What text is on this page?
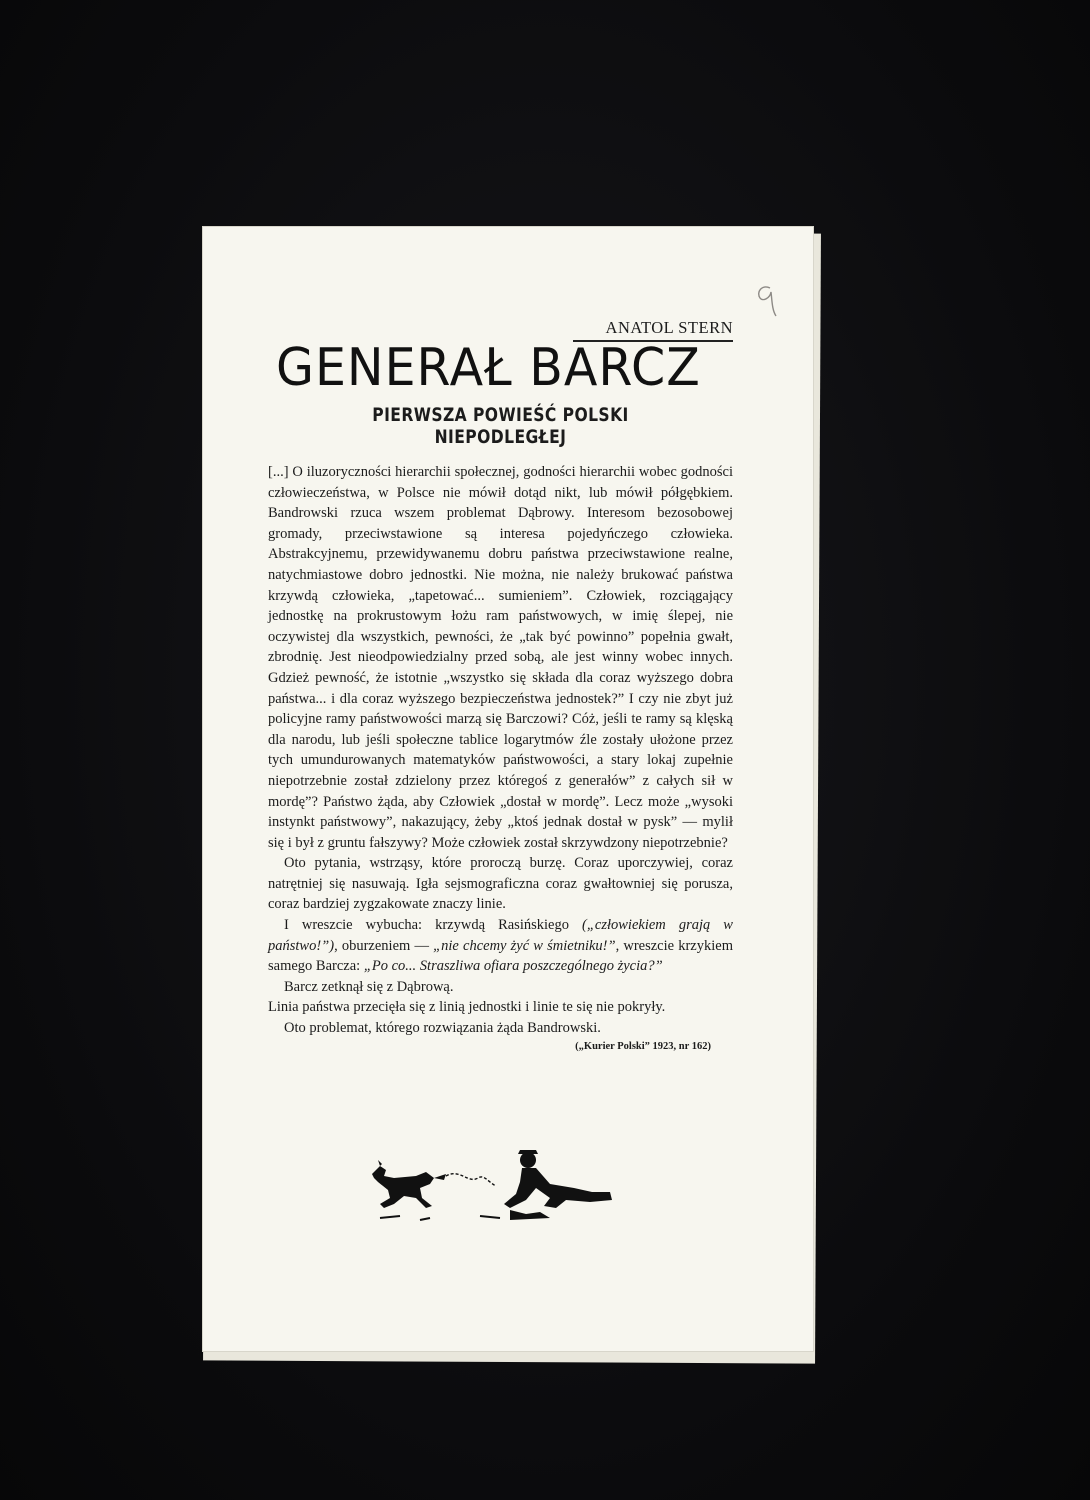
ANATOL STERN
GENERAŁ BARCZ
PIERWSZA POWIEŚĆ POLSKI NIEPODLEGŁEJ

[...] O iluzoryczności hierarchii społecznej, godności hierarchii wobec godności człowieczeństwa, w Polsce nie mówił dotąd nikt, lub mówił półgębkiem. Bandrowski rzuca wszem problemat Dąbrowy. Interesom bezosobowej gromady, przeciwstawione są interesa pojedyńczego człowieka. Abstrakcyjnemu, przewidywanemu dobru państwa przeciwstawione realne, natychmiastowe dobro jednostki. Nie można, nie należy brukować państwa krzywdą człowieka, „tapetować... sumieniem”. Człowiek, rozciągający jednostkę na prokrustowym łożu ram państwowych, w imię ślepej, nie oczywistej dla wszystkich, pewności, że „tak być powinno” popełnia gwałt, zbrodnię. Jest nieodpowiedzialny przed sobą, ale jest winny wobec innych. Gdzież pewność, że istotnie „wszystko się składa dla coraz wyższego dobra państwa... i dla coraz wyższego bezpieczeństwa jednostek?” I czy nie zbyt już policyjne ramy państwowości marzą się Barczowi? Cóż, jeśli te ramy są klęską dla narodu, lub jeśli społeczne tablice logarytmów źle zostały ułożone przez tych umundurowanych matematyków państwowości, a stary lokaj zupełnie niepotrzebnie został zdzielony przez któregoś z generałów” z całych sił w mordę”? Państwo żąda, aby Człowiek „dostał w mordę”. Lecz może „wysoki instynkt państwowy”, nakazujący, żeby „ktoś jednak dostał w pysk” — mylił się i był z gruntu fałszywy? Może człowiek został skrzywdzony niepotrzebnie?

Oto pytania, wstrząsy, które proroczą burzę. Coraz uporczywiej, coraz natrętniej się nasuwają. Igła sejsmograficzna coraz gwałtowniej się porusza, coraz bardziej zygzakowate znaczy linie.

I wreszcie wybucha: krzywdą Rasińskiego („człowiekiem grają w państwo!”), oburzeniem — „nie chcemy żyć w śmietniku!”, wreszcie krzykiem samego Barcza: „Po co... Straszliwa ofiara poszczególnego życia?”

Barcz zetknął się z Dąbrową.

Linia państwa przecięła się z linią jednostki i linie te się nie pokryły.

Oto problemat, którego rozwiązania żąda Bandrowski.

(„Kurier Polski” 1923, nr 162)
